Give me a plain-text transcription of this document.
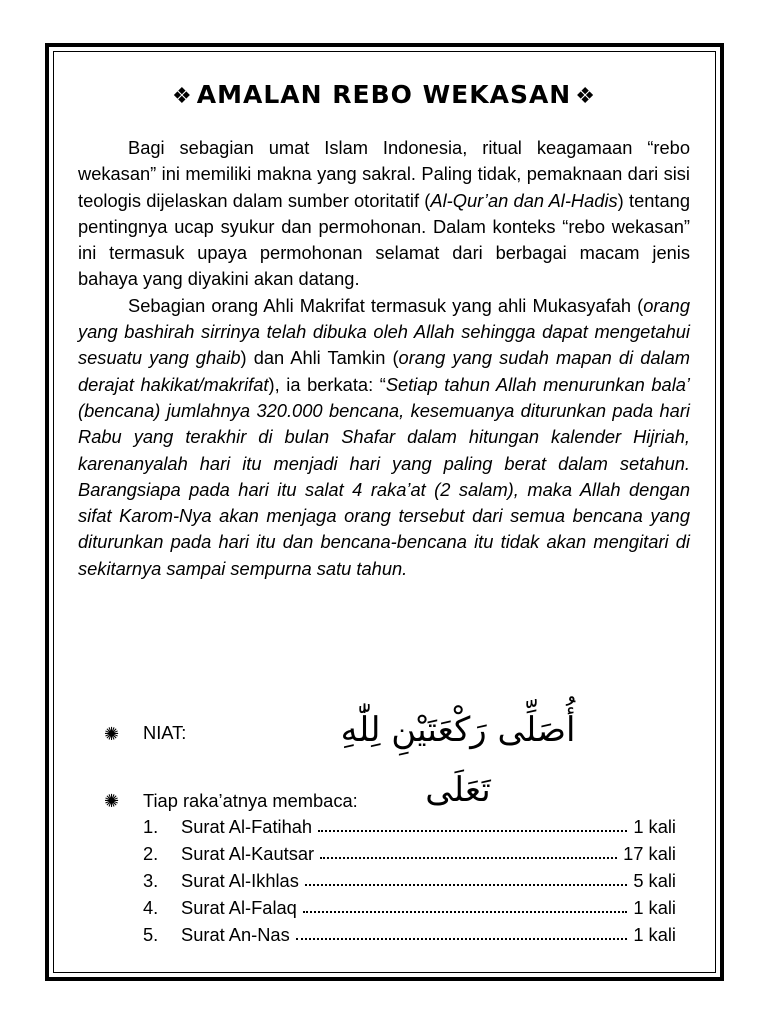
❖ AMALAN REBO WEKASAN ❖

Bagi sebagian umat Islam Indonesia, ritual keagamaan “rebo wekasan” ini memiliki makna yang sakral. Paling tidak, pemaknaan dari sisi teologis dijelaskan dalam sumber otoritatif (Al-Qur’an dan Al-Hadis) tentang pentingnya ucap syukur dan permohonan. Dalam konteks “rebo wekasan” ini termasuk upaya permohonan selamat dari berbagai macam jenis bahaya yang diyakini akan datang.

Sebagian orang Ahli Makrifat termasuk yang ahli Mukasyafah (orang yang bashirah sirrinya telah dibuka oleh Allah sehingga dapat mengetahui sesuatu yang ghaib) dan Ahli Tamkin (orang yang sudah mapan di dalam derajat hakikat/makrifat), ia berkata: “Setiap tahun Allah menurunkan bala’ (bencana) jumlahnya 320.000 bencana, kesemuanya diturunkan pada hari Rabu yang terakhir di bulan Shafar dalam hitungan kalender Hijriah, karenanyalah hari itu menjadi hari yang paling berat dalam setahun. Barangsiapa pada hari itu salat 4 raka’at (2 salam), maka Allah dengan sifat Karom-Nya akan menjaga orang tersebut dari semua bencana yang diturunkan pada hari itu dan bencana-bencana itu tidak akan mengitari di sekitarnya sampai sempurna satu tahun.

✺ NIAT:	أُصَلِّى رَكْعَتَيْنِ لِلّٰهِ تَعَلَى
✺ Tiap raka’atnya membaca:
1.	Surat Al-Fatihah	1 kali
2.	Surat Al-Kautsar	17 kali
3.	Surat Al-Ikhlas	5 kali
4.	Surat Al-Falaq	1 kali
5.	Surat An-Nas	1 kali
